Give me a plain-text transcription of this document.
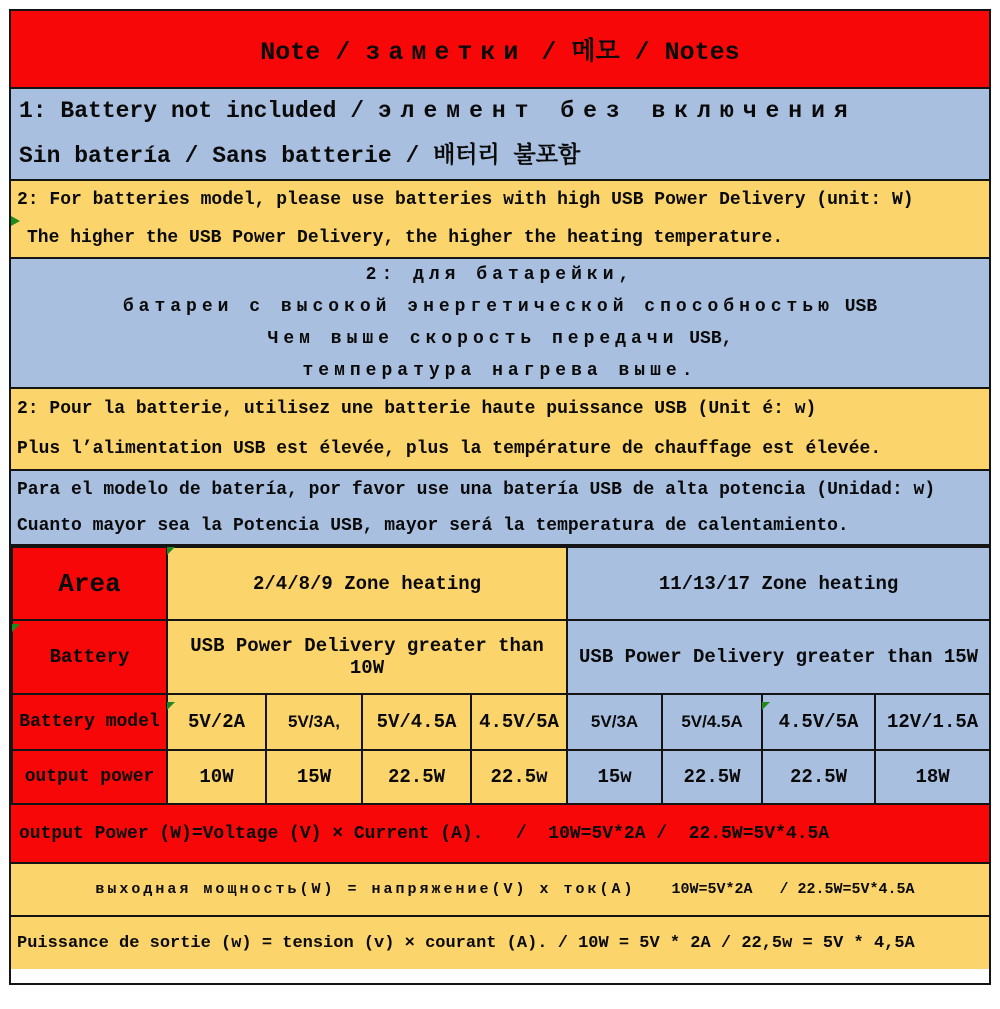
Note / заметки / 메모 / Notes
1: Battery not included / элемент без включения
Sin batería / Sans batterie / 배터리 불포함
2: For batteries model, please use batteries with high USB Power Delivery (unit: W)
The higher the USB Power Delivery, the higher the heating temperature.
2: для батарейки,
батареи с высокой энергетической способностью USB
Чем выше скорость передачи USB,
температура нагрева выше.
2: Pour la batterie, utilisez une batterie haute puissance USB (Unit é: w)
Plus l’alimentation USB est élevée, plus la température de chauffage est élevée.
Para el modelo de batería, por favor use una batería USB de alta potencia (Unidad: w)
Cuanto mayor sea la Potencia USB, mayor será la temperatura de calentamiento.
Area	2/4/8/9 Zone heating				11/13/17 Zone heating			
Battery	USB Power Delivery greater than 10W				USB Power Delivery greater than 15W			
Battery model	5V/2A	5V/3A,	5V/4.5A	4.5V/5A	5V/3A	5V/4.5A	4.5V/5A	12V/1.5A
output power	10W	15W	22.5W	22.5w	15w	22.5W	22.5W	18W
output Power (W)=Voltage (V) × Current (A).   /  10W=5V*2A /  22.5W=5V*4.5A
выходная мощность(W) = напряжение(V) x ток(A) 10W=5V*2A   / 22.5W=5V*4.5A
Puissance de sortie (w) = tension (v) × courant (A). / 10W = 5V * 2A / 22,5w = 5V * 4,5A
